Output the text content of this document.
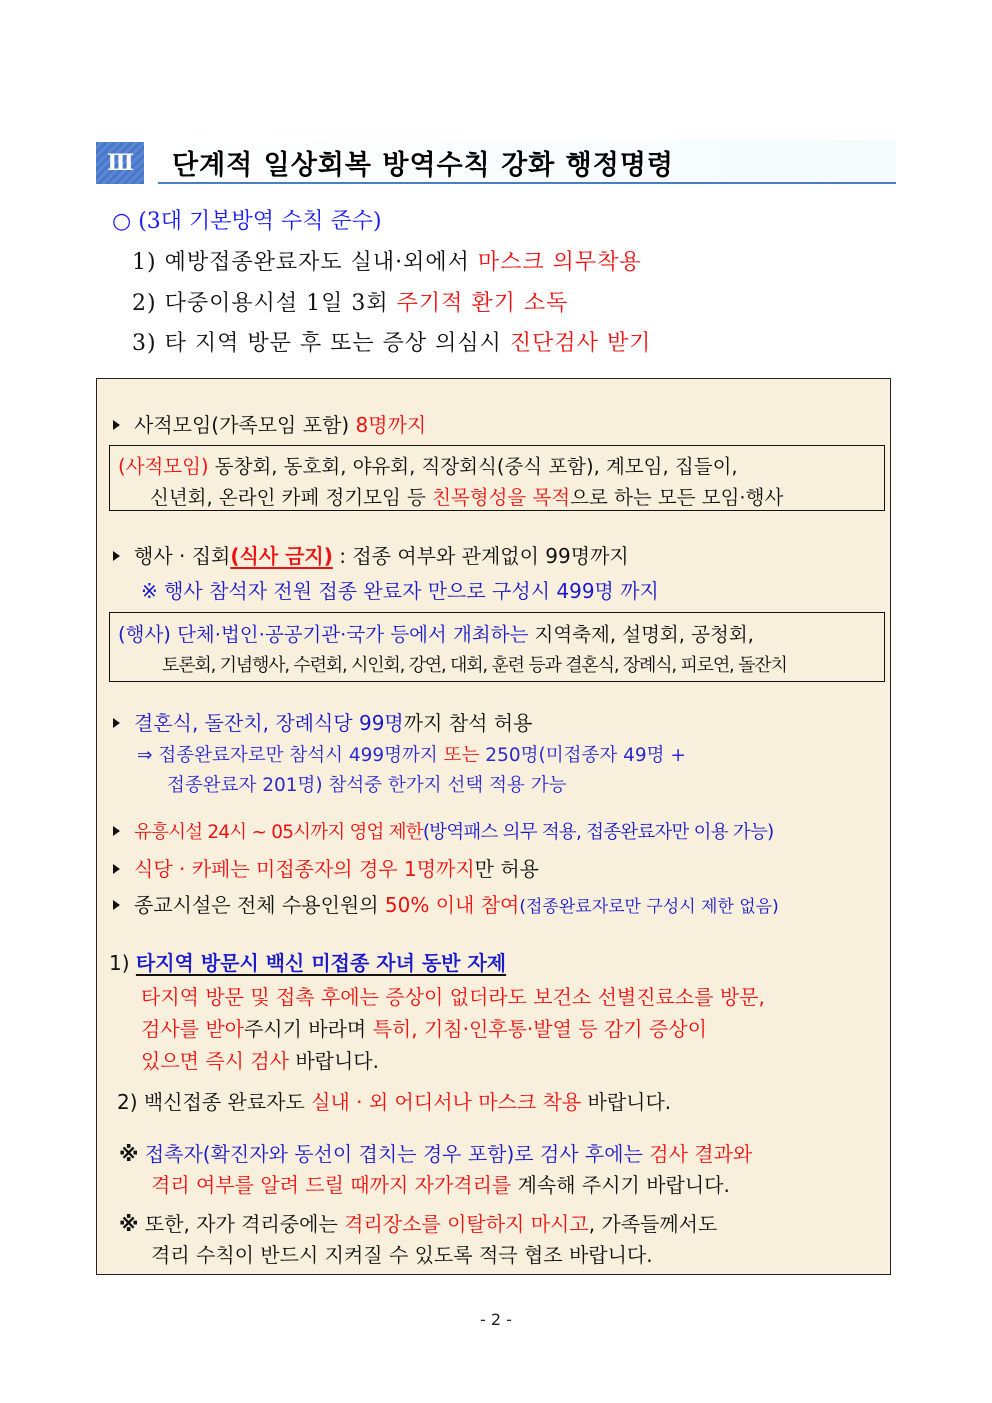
Ⅲ 단계적 일상회복 방역수칙 강화 행정명령
○ (3대 기본방역 수칙 준수)
1) 예방접종완료자도 실내·외에서 마스크 의무착용
2) 다중이용시설 1일 3회 주기적 환기 소독
3) 타 지역 방문 후 또는 증상 의심시 진단검사 받기
사적모임(가족모임 포함) 8명까지
(사적모임) 동창회, 동호회, 야유회, 직장회식(중식 포함), 계모임, 집들이,
신년회, 온라인 카페 정기모임 등 친목형성을 목적으로 하는 모든 모임·행사
행사 · 집회(식사 금지) : 접종 여부와 관계없이 99명까지
※ 행사 참석자 전원 접종 완료자 만으로 구성시 499명 까지
(행사) 단체·법인·공공기관·국가 등에서 개최하는 지역축제, 설명회, 공청회,
토론회, 기념행사, 수련회, 시인회, 강연, 대회, 훈련 등과 결혼식, 장례식, 피로연, 돌잔치
결혼식, 돌잔치, 장례식당 99명까지 참석 허용
⇒ 접종완료자로만 참석시 499명까지 또는 250명(미접종자 49명 +
접종완료자 201명) 참석중 한가지 선택 적용 가능
유흥시설 24시 ~ 05시까지 영업 제한(방역패스 의무 적용, 접종완료자만 이용 가능)
식당 · 카페는 미접종자의 경우 1명까지만 허용
종교시설은 전체 수용인원의 50% 이내 참여(접종완료자로만 구성시 제한 없음)
1) 타지역 방문시 백신 미접종 자녀 동반 자제
타지역 방문 및 접촉 후에는 증상이 없더라도 보건소 선별진료소를 방문,
검사를 받아주시기 바라며 특히, 기침·인후통·발열 등 감기 증상이
있으면 즉시 검사 바랍니다.
2) 백신접종 완료자도 실내 · 외 어디서나 마스크 착용 바랍니다.
※ 접촉자(확진자와 동선이 겹치는 경우 포함)로 검사 후에는 검사 결과와
격리 여부를 알려 드릴 때까지 자가격리를 계속해 주시기 바랍니다.
※ 또한, 자가 격리중에는 격리장소를 이탈하지 마시고, 가족들께서도
격리 수칙이 반드시 지켜질 수 있도록 적극 협조 바랍니다.
- 2 -
